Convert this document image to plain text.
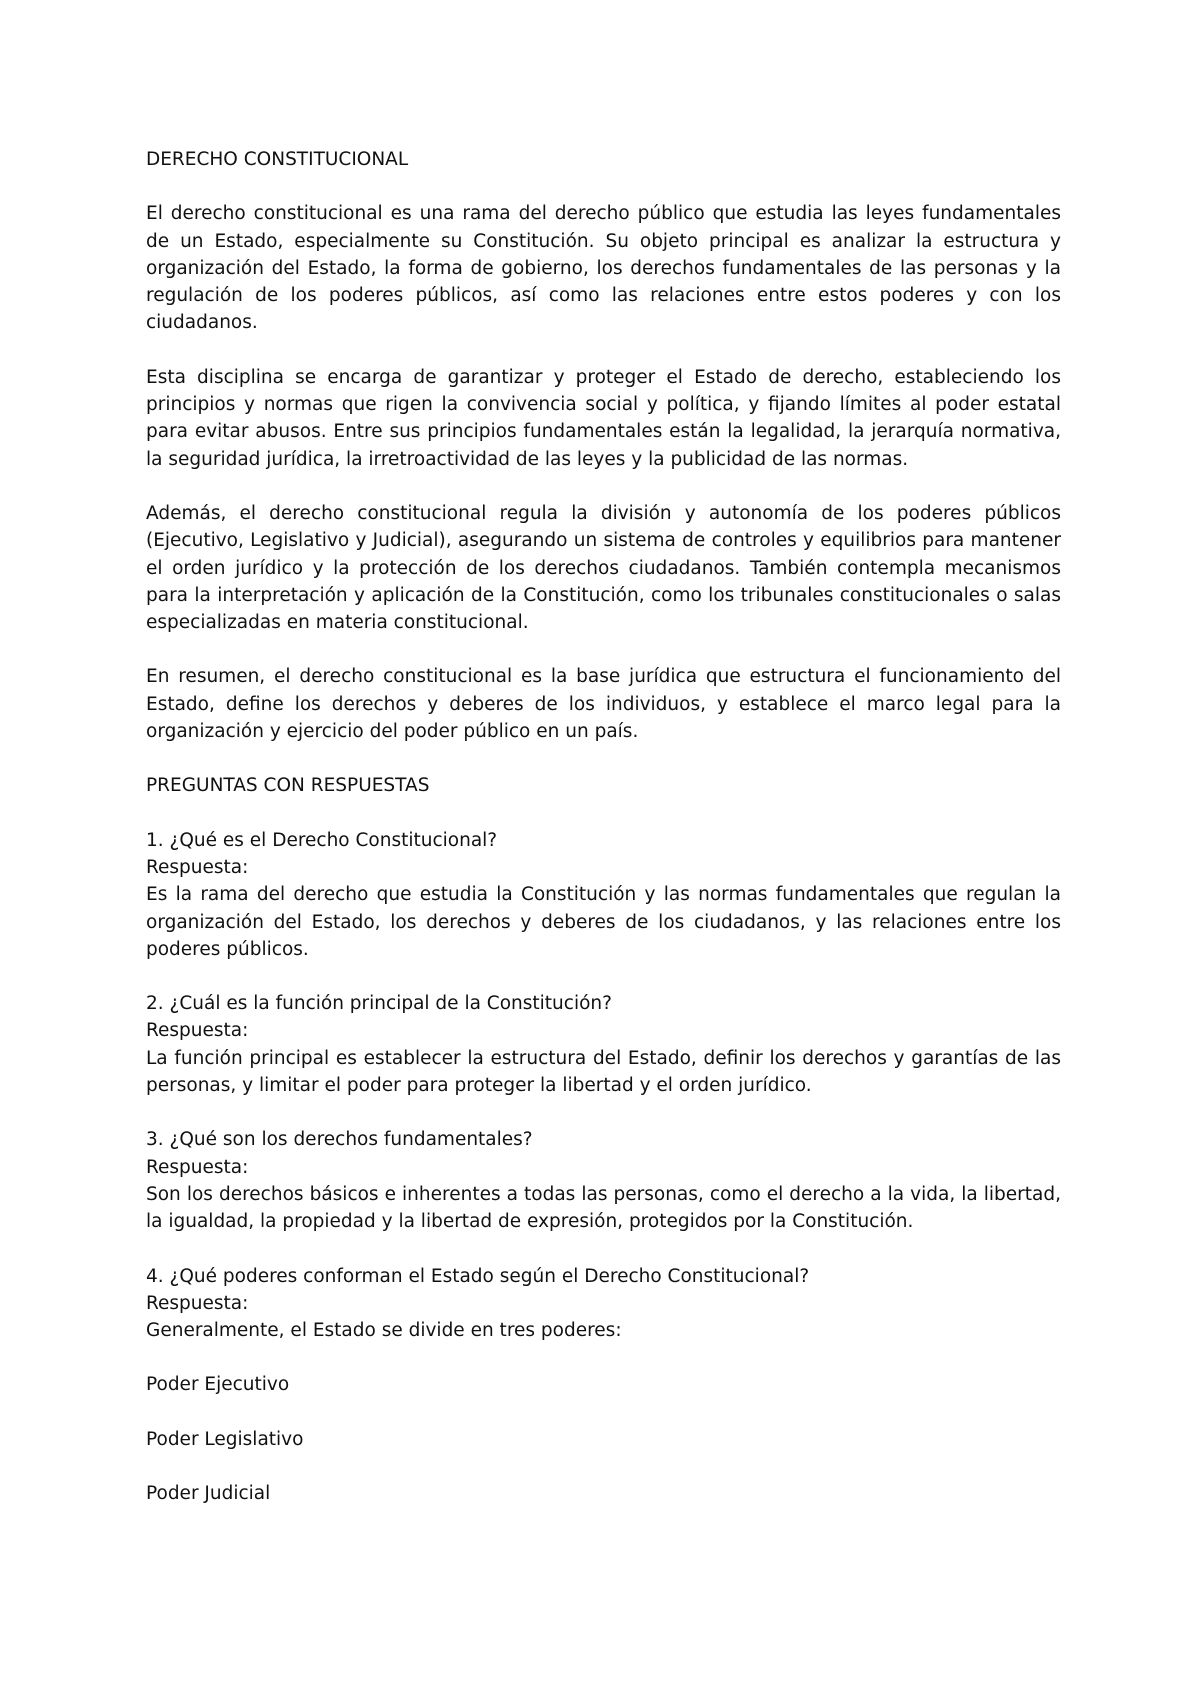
DERECHO CONSTITUCIONAL

El derecho constitucional es una rama del derecho público que estudia las leyes fundamentales de un Estado, especialmente su Constitución. Su objeto principal es analizar la estructura y organización del Estado, la forma de gobierno, los derechos fundamentales de las personas y la regulación de los poderes públicos, así como las relaciones entre estos poderes y con los ciudadanos.

Esta disciplina se encarga de garantizar y proteger el Estado de derecho, estableciendo los principios y normas que rigen la convivencia social y política, y fijando límites al poder estatal para evitar abusos. Entre sus principios fundamentales están la legalidad, la jerarquía normativa, la seguridad jurídica, la irretroactividad de las leyes y la publicidad de las normas.

Además, el derecho constitucional regula la división y autonomía de los poderes públicos (Ejecutivo, Legislativo y Judicial), asegurando un sistema de controles y equilibrios para mantener el orden jurídico y la protección de los derechos ciudadanos. También contempla mecanismos para la interpretación y aplicación de la Constitución, como los tribunales constitucionales o salas especializadas en materia constitucional.

En resumen, el derecho constitucional es la base jurídica que estructura el funcionamiento del Estado, define los derechos y deberes de los individuos, y establece el marco legal para la organización y ejercicio del poder público en un país.

PREGUNTAS CON RESPUESTAS

1. ¿Qué es el Derecho Constitucional?

Respuesta:

Es la rama del derecho que estudia la Constitución y las normas fundamentales que regulan la organización del Estado, los derechos y deberes de los ciudadanos, y las relaciones entre los poderes públicos.

2. ¿Cuál es la función principal de la Constitución?

Respuesta:

La función principal es establecer la estructura del Estado, definir los derechos y garantías de las personas, y limitar el poder para proteger la libertad y el orden jurídico.

3. ¿Qué son los derechos fundamentales?

Respuesta:

Son los derechos básicos e inherentes a todas las personas, como el derecho a la vida, la libertad, la igualdad, la propiedad y la libertad de expresión, protegidos por la Constitución.

4. ¿Qué poderes conforman el Estado según el Derecho Constitucional?

Respuesta:

Generalmente, el Estado se divide en tres poderes:

Poder Ejecutivo
Poder Legislativo
Poder Judicial
